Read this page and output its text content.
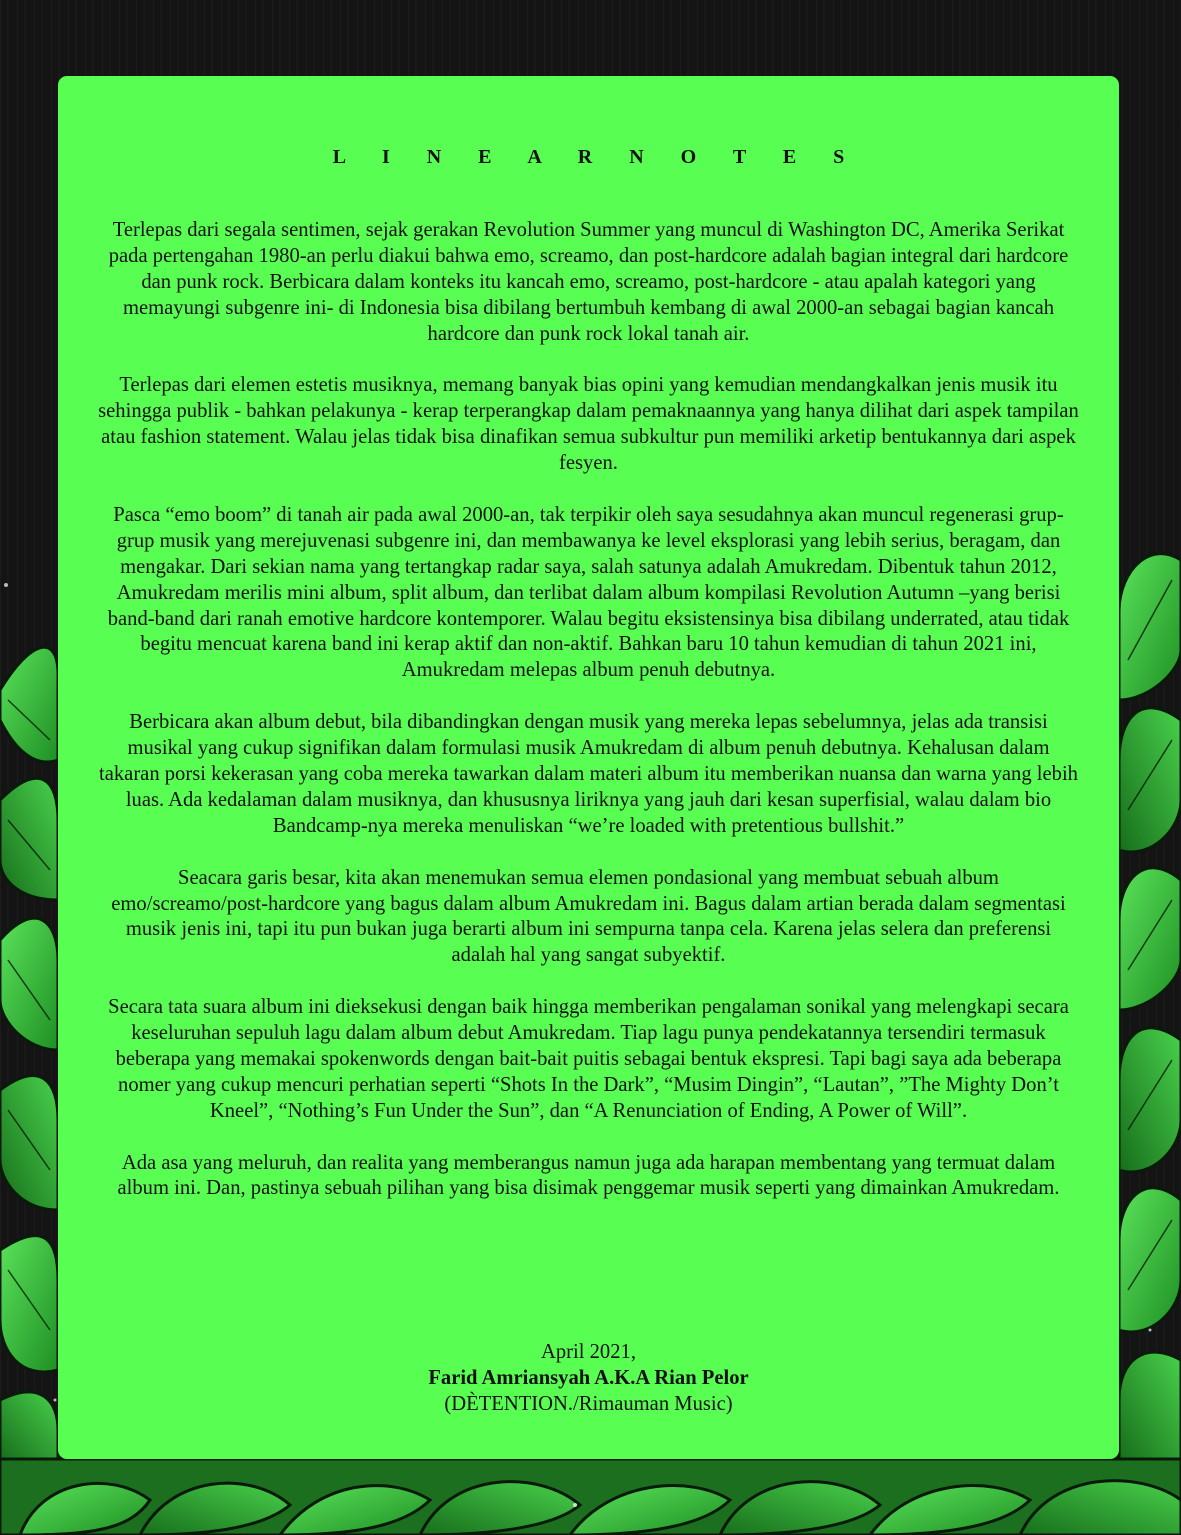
L I N E A R N O T E S

Terlepas dari segala sentimen, sejak gerakan Revolution Summer yang muncul di Washington DC, Amerika Serikat pada pertengahan 1980-an perlu diakui bahwa emo, screamo, dan post-hardcore adalah bagian integral dari hardcore dan punk rock. Berbicara dalam konteks itu kancah emo, screamo, post-hardcore - atau apalah kategori yang memayungi subgenre ini- di Indonesia bisa dibilang bertumbuh kembang di awal 2000-an sebagai bagian kancah hardcore dan punk rock lokal tanah air.

Terlepas dari elemen estetis musiknya, memang banyak bias opini yang kemudian mendangkalkan jenis musik itu sehingga publik - bahkan pelakunya - kerap terperangkap dalam pemaknaannya yang hanya dilihat dari aspek tampilan atau fashion statement. Walau jelas tidak bisa dinafikan semua subkultur pun memiliki arketip bentukannya dari aspek fesyen.

Pasca “emo boom” di tanah air pada awal 2000-an, tak terpikir oleh saya sesudahnya akan muncul regenerasi grup-grup musik yang merejuvenasi subgenre ini, dan membawanya ke level eksplorasi yang lebih serius, beragam, dan mengakar. Dari sekian nama yang tertangkap radar saya, salah satunya adalah Amukredam. Dibentuk tahun 2012, Amukredam merilis mini album, split album, dan terlibat dalam album kompilasi Revolution Autumn –yang berisi band-band dari ranah emotive hardcore kontemporer. Walau begitu eksistensinya bisa dibilang underrated, atau tidak begitu mencuat karena band ini kerap aktif dan non-aktif. Bahkan baru 10 tahun kemudian di tahun 2021 ini, Amukredam melepas album penuh debutnya.

Berbicara akan album debut, bila dibandingkan dengan musik yang mereka lepas sebelumnya, jelas ada transisi musikal yang cukup signifikan dalam formulasi musik Amukredam di album penuh debutnya. Kehalusan dalam takaran porsi kekerasan yang coba mereka tawarkan dalam materi album itu memberikan nuansa dan warna yang lebih luas. Ada kedalaman dalam musiknya, dan khususnya liriknya yang jauh dari kesan superfisial, walau dalam bio Bandcamp-nya mereka menuliskan “we’re loaded with pretentious bullshit.”

Seacara garis besar, kita akan menemukan semua elemen pondasional yang membuat sebuah album emo/screamo/post-hardcore yang bagus dalam album Amukredam ini. Bagus dalam artian berada dalam segmentasi musik jenis ini, tapi itu pun bukan juga berarti album ini sempurna tanpa cela. Karena jelas selera dan preferensi adalah hal yang sangat subyektif.

Secara tata suara album ini dieksekusi dengan baik hingga memberikan pengalaman sonikal yang melengkapi secara keseluruhan sepuluh lagu dalam album debut Amukredam. Tiap lagu punya pendekatannya tersendiri termasuk beberapa yang memakai spokenwords dengan bait-bait puitis sebagai bentuk ekspresi. Tapi bagi saya ada beberapa nomer yang cukup mencuri perhatian seperti “Shots In the Dark”, “Musim Dingin”, “Lautan”, ”The Mighty Don’t Kneel”, “Nothing’s Fun Under the Sun”, dan “A Renunciation of Ending, A Power of Will”.

Ada asa yang meluruh, dan realita yang memberangus namun juga ada harapan membentang yang termuat dalam album ini. Dan, pastinya sebuah pilihan yang bisa disimak penggemar musik seperti yang dimainkan Amukredam.

April 2021,
Farid Amriansyah A.K.A Rian Pelor
(DÈTENTION./Rimauman Music)
